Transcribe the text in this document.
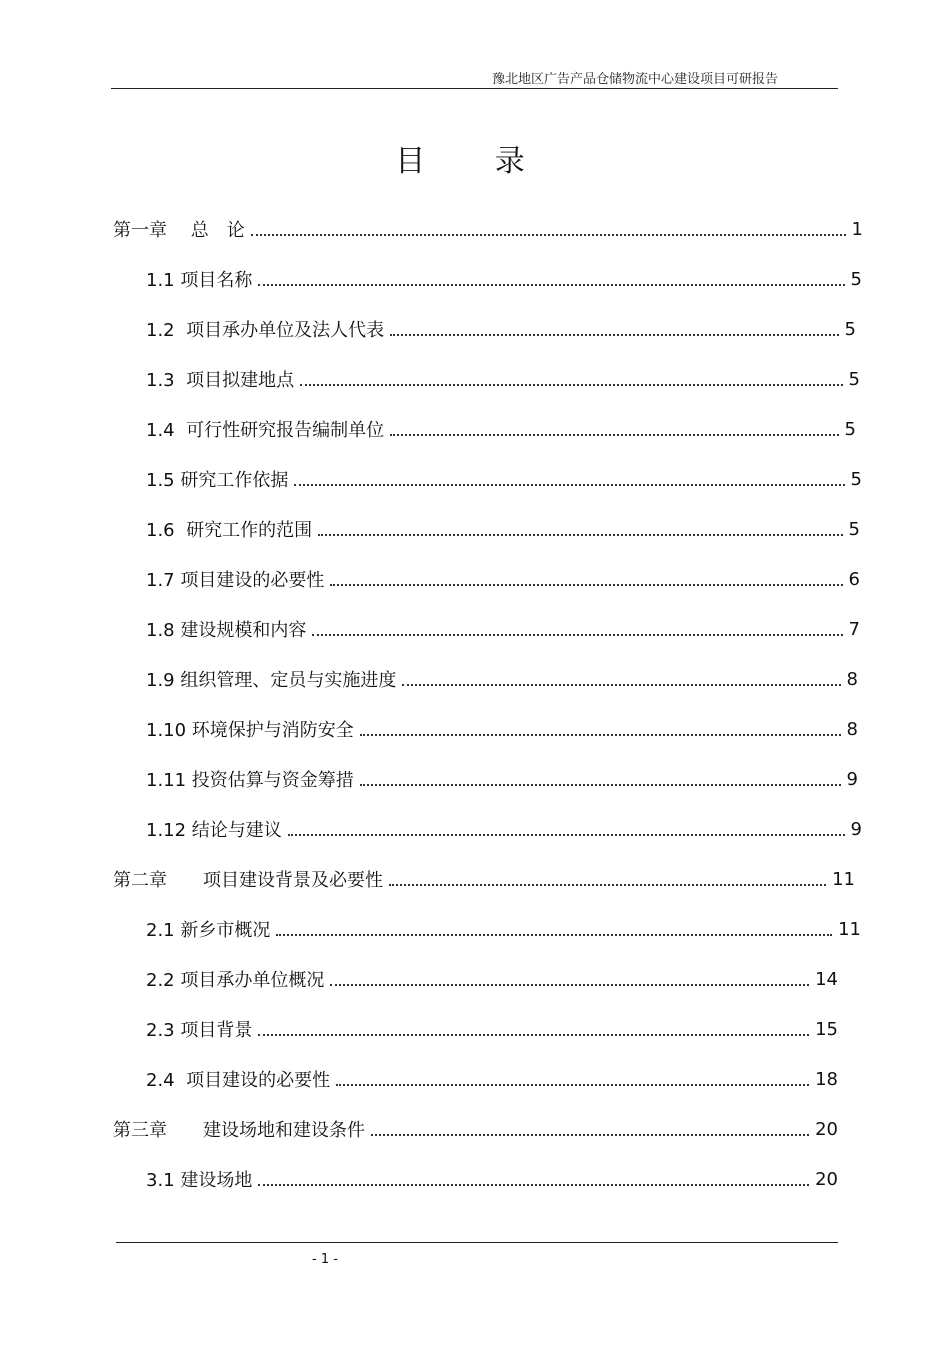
豫北地区广告产品仓储物流中心建设项目可研报告
目 录
第一章　 总　论	1
1.1 项目名称	5
1.2  项目承办单位及法人代表	5
1.3  项目拟建地点	5
1.4  可行性研究报告编制单位	5
1.5 研究工作依据	5
1.6  研究工作的范围	5
1.7 项目建设的必要性	6
1.8 建设规模和内容	7
1.9 组织管理、定员与实施进度	8
1.10 环境保护与消防安全	8
1.11 投资估算与资金筹措	9
1.12 结论与建议	9
第二章　　项目建设背景及必要性	11
2.1 新乡市概况	11
2.2 项目承办单位概况	14
2.3 项目背景	15
2.4  项目建设的必要性	18
第三章　　建设场地和建设条件	20
3.1 建设场地	20
- 1 -
